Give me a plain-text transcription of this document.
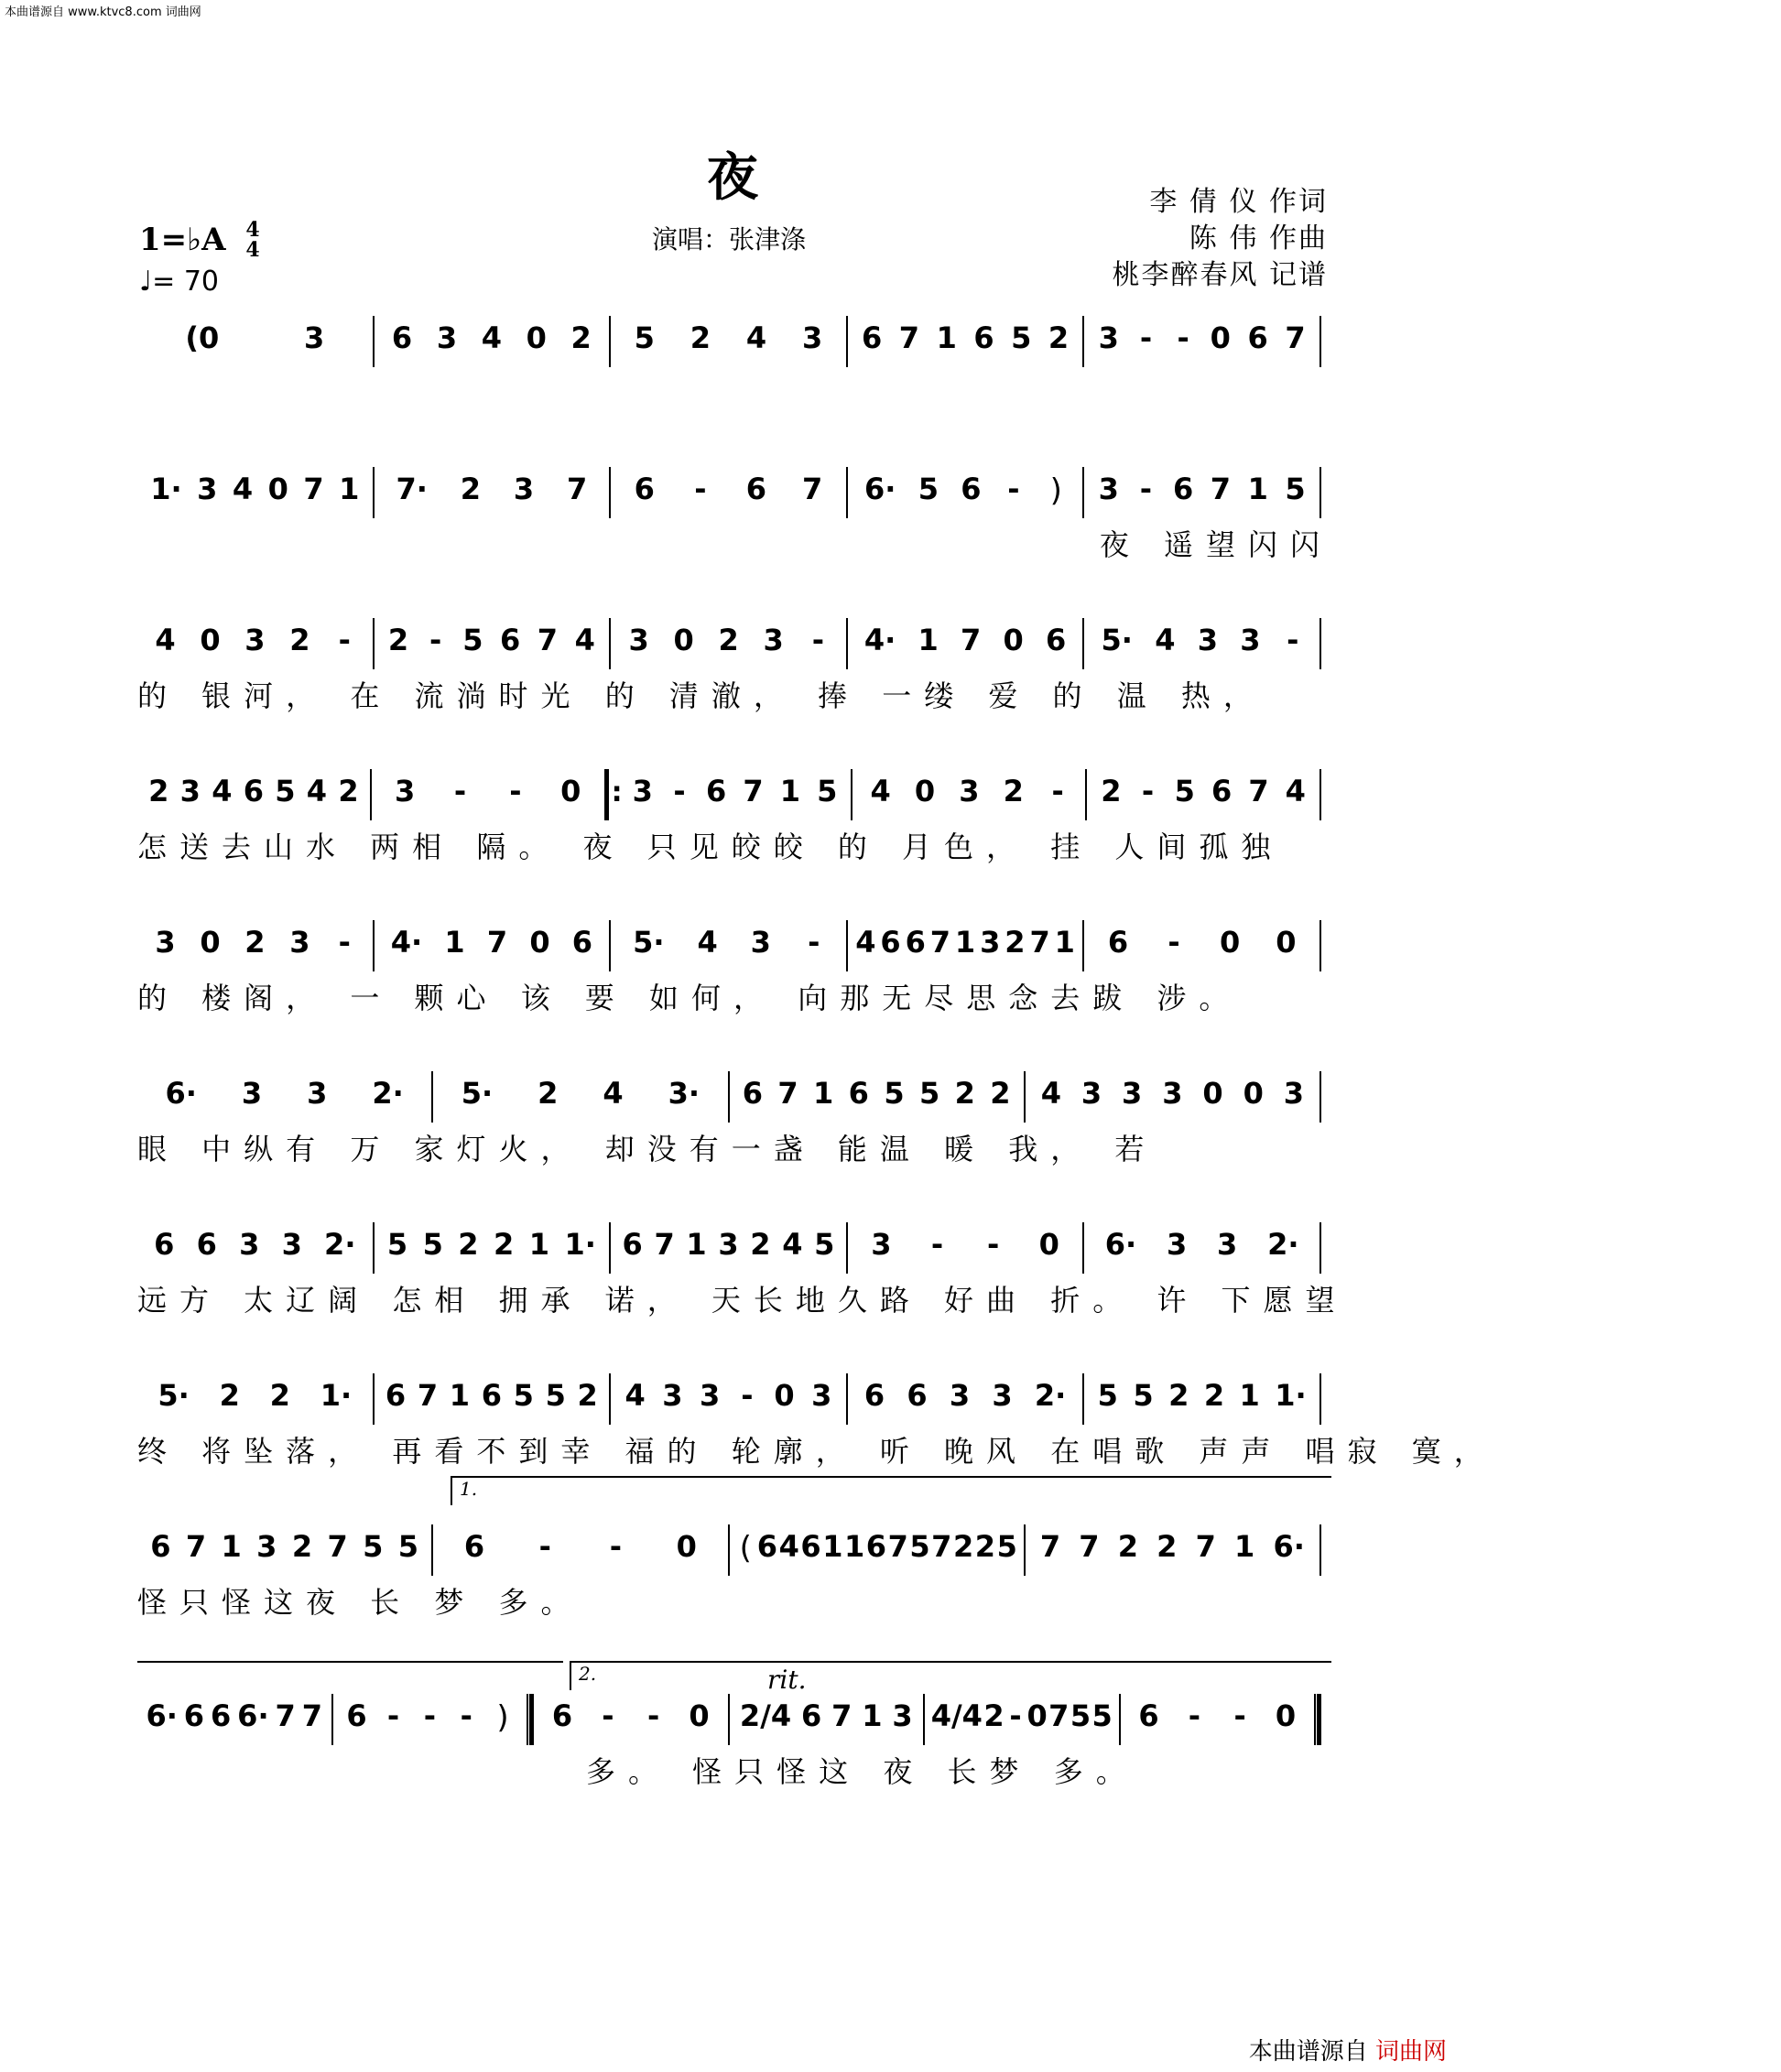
本曲谱源自 www.ktvc8.com 词曲网
夜
演唱：张津涤
李 倩 仪 作词
陈 伟 作曲
桃李醉春风 记谱
1=♭A 4
4
♩= 70
(0	3 6 3 4 0 2 5 2 4 3 6 7 1 6 5 2 3 - - 0 6 7
1· 3 4 0 7 1 7· 2 3 7 6 - 6 7 6· 5 6 - ) 3 - 6 7 1 5
夜 遥望闪闪
4 0 3 2 - 2 - 5 6 7 4 3 0 2 3 - 4· 1 7 0 6 5· 4 3 3 -
的 银河， 在 流淌时光 的 清澈， 捧 一缕 爱 的 温 热，
2 3 4 6 5 4 2 3 - - 0
: 3 - 6 7 1 5 4 0 3 2 - 2 - 5 6 7 4
怎送去山水 两相 隔。 夜 只见皎皎 的 月色， 挂 人间孤独
3 0 2 3 - 4· 1 7 0 6 5· 4 3 - 4 6 6 7 1 3 2 7 1 6 - 0 0
的 楼阁， 一 颗心 该 要 如何， 向那无尽思念去跋 涉。
6· 3 3 2· 5· 2 4 3· 6 7 1 6 5 5 2 2 4 3 3 3 0 0 3
眼 中纵有 万 家灯火， 却没有一盏 能温 暖 我， 若
6 6 3 3 2· 5 5 2 2 1 1· 6 7 1 3 2 4 5 3 - - 0 6· 3 3 2·
远方 太辽阔 怎相 拥承 诺， 天长地久路 好曲 折。 许 下愿望
5· 2 2 1· 6 7 1 6 5 5 2 4 3 3 - 0 3 6 6 3 3 2· 5 5 2 2 1 1·
终 将坠落， 再看不到幸 福的 轮廓， 听 晚风 在唱歌 声声 唱寂 寞，
6 7 1 3 2 7 5 5 6 - - 0 ( 6 4 6 1 1 6 7 5 7 2 2 5 7 7 2 2 7 1 6·
怪只怪这夜 长 梦 多。
6· 6 6 6· 7 7 6 - - - ) 6 - - 0 2/4 6 7 1 3 4/4 2 - 0 7 5 5 6 - - 0
多。 怪只怪这 夜 长梦 多。
1.
2.	rit.
本曲谱源自 词曲网
